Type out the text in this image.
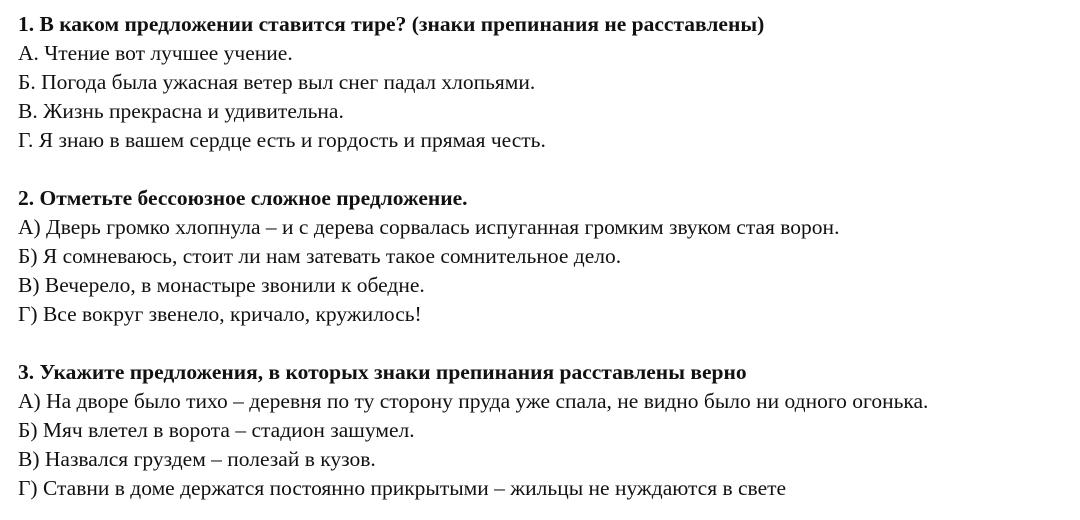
1. В каком предложении ставится тире? (знаки препинания не расставлены)
А. Чтение вот лучшее учение.
Б. Погода была ужасная ветер выл снег падал хлопьями.
В. Жизнь прекрасна и удивительна.
Г. Я знаю в вашем сердце есть и гордость и прямая честь.
2. Отметьте бессоюзное сложное предложение.
А) Дверь громко хлопнула – и с дерева сорвалась испуганная громким звуком стая ворон.
Б) Я сомневаюсь, стоит ли нам затевать такое сомнительное дело.
В) Вечерело, в монастыре звонили к обедне.
Г) Все вокруг звенело, кричало, кружилось!
3. Укажите предложения, в которых знаки препинания расставлены верно
А) На дворе было тихо – деревня по ту сторону пруда уже спала, не видно было ни одного огонька.
Б) Мяч влетел в ворота – стадион зашумел.
В) Назвался груздем – полезай в кузов.
Г) Ставни в доме держатся постоянно прикрытыми – жильцы не нуждаются в свете
